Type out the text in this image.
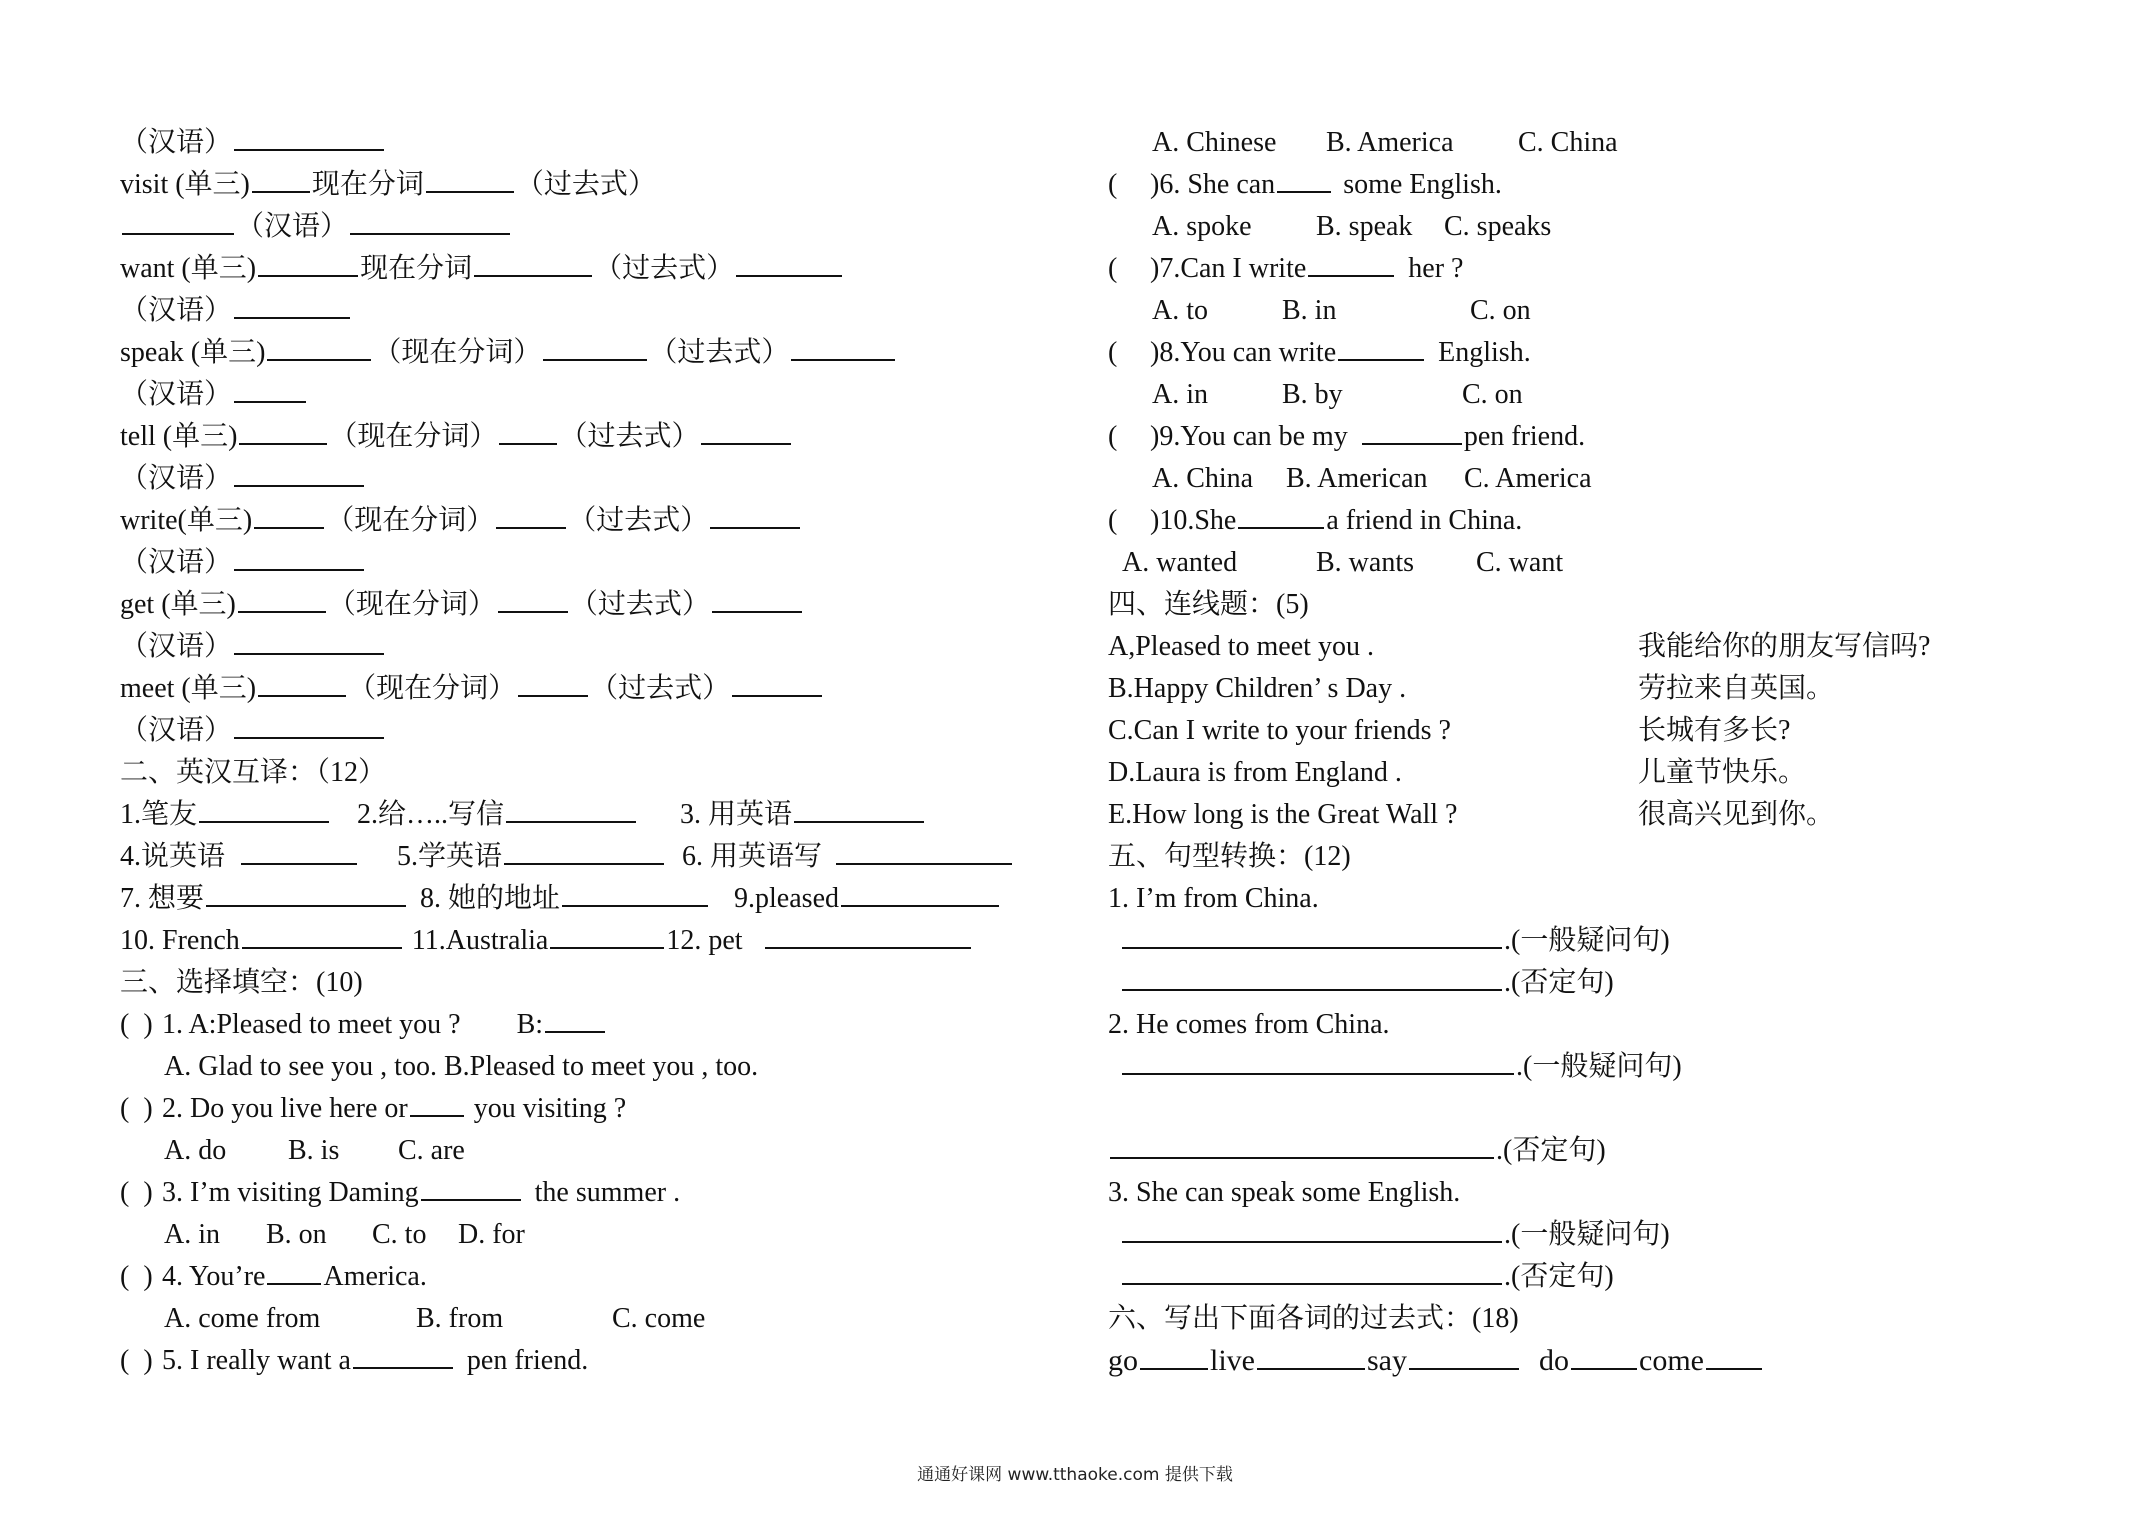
（汉语）
visit (单三) 现在分词	（过去式）
（汉语）
want (单三)	现在分词	（过去式）
（汉语）
speak (单三)	（现在分词）	（过去式）
（汉语）
tell (单三)	（现在分词） （过去式）
（汉语）
write(单三)	（现在分词）	（过去式）
（汉语）
get (单三)	（现在分词）	（过去式）
（汉语）
meet (单三)	（现在分词）	（过去式）
（汉语）
二、英汉互译：（12）
1.笔友	2.给…..写信	3. 用英语
4.说英语	5.学英语	6. 用英语写
7. 想要	8. 她的地址	9.pleased
10. French	11.Australia	12. pet
三、选择填空：(10)
( ) 1. A:Pleased to meet you ? B:
A. Glad to see you , too. B.Pleased to meet you , too.
( ) 2. Do you live here or you visiting ?
A. do B. is C. are
( ) 3. I’m visiting Daming	the summer .
A. in B. on C. to D. for
( ) 4. You’re America.
A. come from	B. from	C. come
( ) 5. I really want a	pen friend.
A. Chinese B. America C. China
( )6. She can some English.
A. spoke B. speak C. speaks
( )7.Can I write	her ?
A. to	B. in	C. on
( )8.You can write	English.
A. in	B. by	C. on
( )9.You can be my	pen friend.
A. China B. American C. America
( )10.She	a friend in China.
A. wanted	B. wants C. want
四、连线题：(5)
A,Pleased to meet you .	我能给你的朋友写信吗?
B.Happy Children’ s Day .	劳拉来自英国。
C.Can I write to your friends ?	长城有多长?
D.Laura is from England .	儿童节快乐。
E.How long is the Great Wall ?	很高兴见到你。
五、句型转换：(12)
1. I’m from China.
.(一般疑问句)
.(否定句)
2. He comes from China.
.(一般疑问句)
.(否定句)
3. She can speak some English.
.(一般疑问句)
.(否定句)
六、写出下面各词的过去式：(18)
go live	say	do come
通通好课网 www.tthaoke.com 提供下载
